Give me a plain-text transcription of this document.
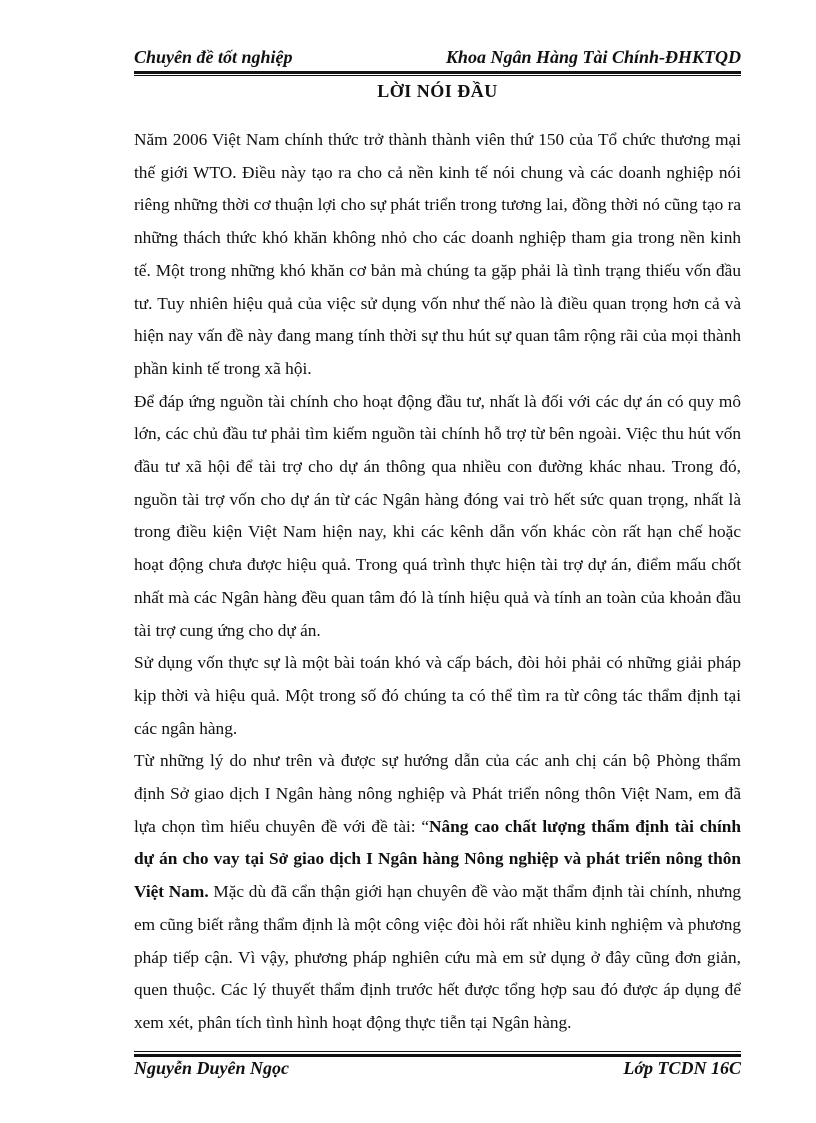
Chuyên đề tốt nghiệp	Khoa Ngân Hàng Tài Chính-ĐHKTQD
LỜI NÓI ĐẦU

Năm 2006 Việt Nam chính thức trở thành thành viên thứ 150 của Tổ chức thương mại thế giới WTO. Điều này tạo ra cho cả nền kinh tế nói chung và các doanh nghiệp nói riêng những thời cơ thuận lợi cho sự phát triển trong tương lai, đồng thời nó cũng tạo ra những thách thức khó khăn không nhỏ cho các doanh nghiệp tham gia trong nền kinh tế. Một trong những khó khăn cơ bản mà chúng ta gặp phải là tình trạng thiếu vốn đầu tư. Tuy nhiên hiệu quả của việc sử dụng vốn như thế nào là điều quan trọng hơn cả và hiện nay vấn đề này đang mang tính thời sự thu hút sự quan tâm rộng rãi của mọi thành phần kinh tế trong xã hội.

Để đáp ứng nguồn tài chính cho hoạt động đầu tư, nhất là đối với các dự án có quy mô lớn, các chủ đầu tư phải tìm kiếm nguồn tài chính hỗ trợ từ bên ngoài. Việc thu hút vốn đầu tư xã hội để tài trợ cho dự án thông qua nhiều con đường khác nhau. Trong đó, nguồn tài trợ vốn cho dự án từ các Ngân hàng đóng vai trò hết sức quan trọng, nhất là trong điều kiện Việt Nam hiện nay, khi các kênh dẫn vốn khác còn rất hạn chế hoặc hoạt động chưa được hiệu quả. Trong quá trình thực hiện tài trợ dự án, điểm mấu chốt nhất mà các Ngân hàng đều quan tâm đó là tính hiệu quả và tính an toàn của khoản đầu tài trợ cung ứng cho dự án.

Sử dụng vốn thực sự là một bài toán khó và cấp bách, đòi hỏi phải có những giải pháp kịp thời và hiệu quả. Một trong số đó chúng ta có thể tìm ra từ công tác thẩm định tại các ngân hàng.

Từ những lý do như trên và được sự hướng dẫn của các anh chị cán bộ Phòng thẩm định Sở giao dịch I Ngân hàng nông nghiệp và Phát triển nông thôn Việt Nam, em đã lựa chọn tìm hiểu chuyên đề với đề tài: “Nâng cao chất lượng thẩm định tài chính dự án cho vay tại Sở giao dịch I Ngân hàng Nông nghiệp và phát triển nông thôn Việt Nam. Mặc dù đã cẩn thận giới hạn chuyên đề vào mặt thẩm định tài chính, nhưng em cũng biết rằng thẩm định là một công việc đòi hỏi rất nhiều kinh nghiệm và phương pháp tiếp cận. Vì vậy, phương pháp nghiên cứu mà em sử dụng ở đây cũng đơn giản, quen thuộc. Các lý thuyết thẩm định trước hết được tổng hợp sau đó được áp dụng để xem xét, phân tích tình hình hoạt động thực tiễn tại Ngân hàng.

Nguyễn Duyên Ngọc	Lớp TCDN 16C
